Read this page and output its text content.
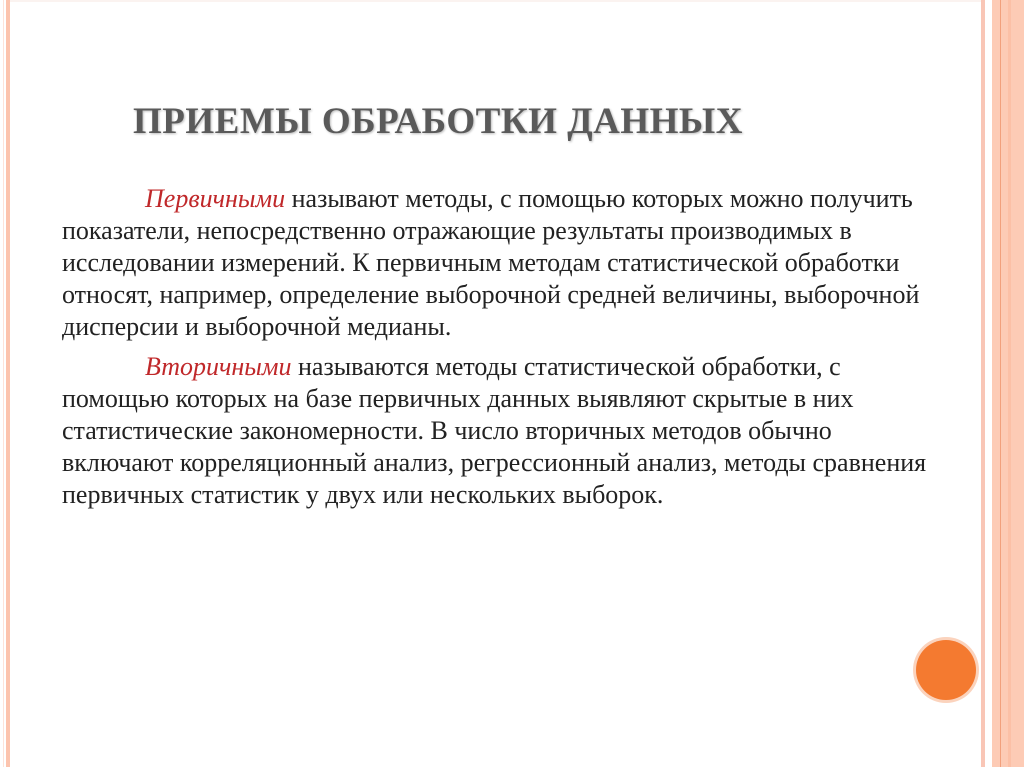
ПРИЕМЫ ОБРАБОТКИ ДАННЫХ

Первичными называют методы, с помощью которых можно получить показатели, непосредственно отражающие результаты производимых в исследовании измерений. К первичным методам статистической обработки относят, например, определение выборочной средней величины, выборочной дисперсии и выборочной медианы.

Вторичными называются методы статистической обработки, с помощью которых на базе первичных данных выявляют скрытые в них статистические закономерности. В число вторичных методов обычно включают корреляционный анализ, регрессионный анализ, методы сравнения первичных статистик у двух или нескольких выборок.
